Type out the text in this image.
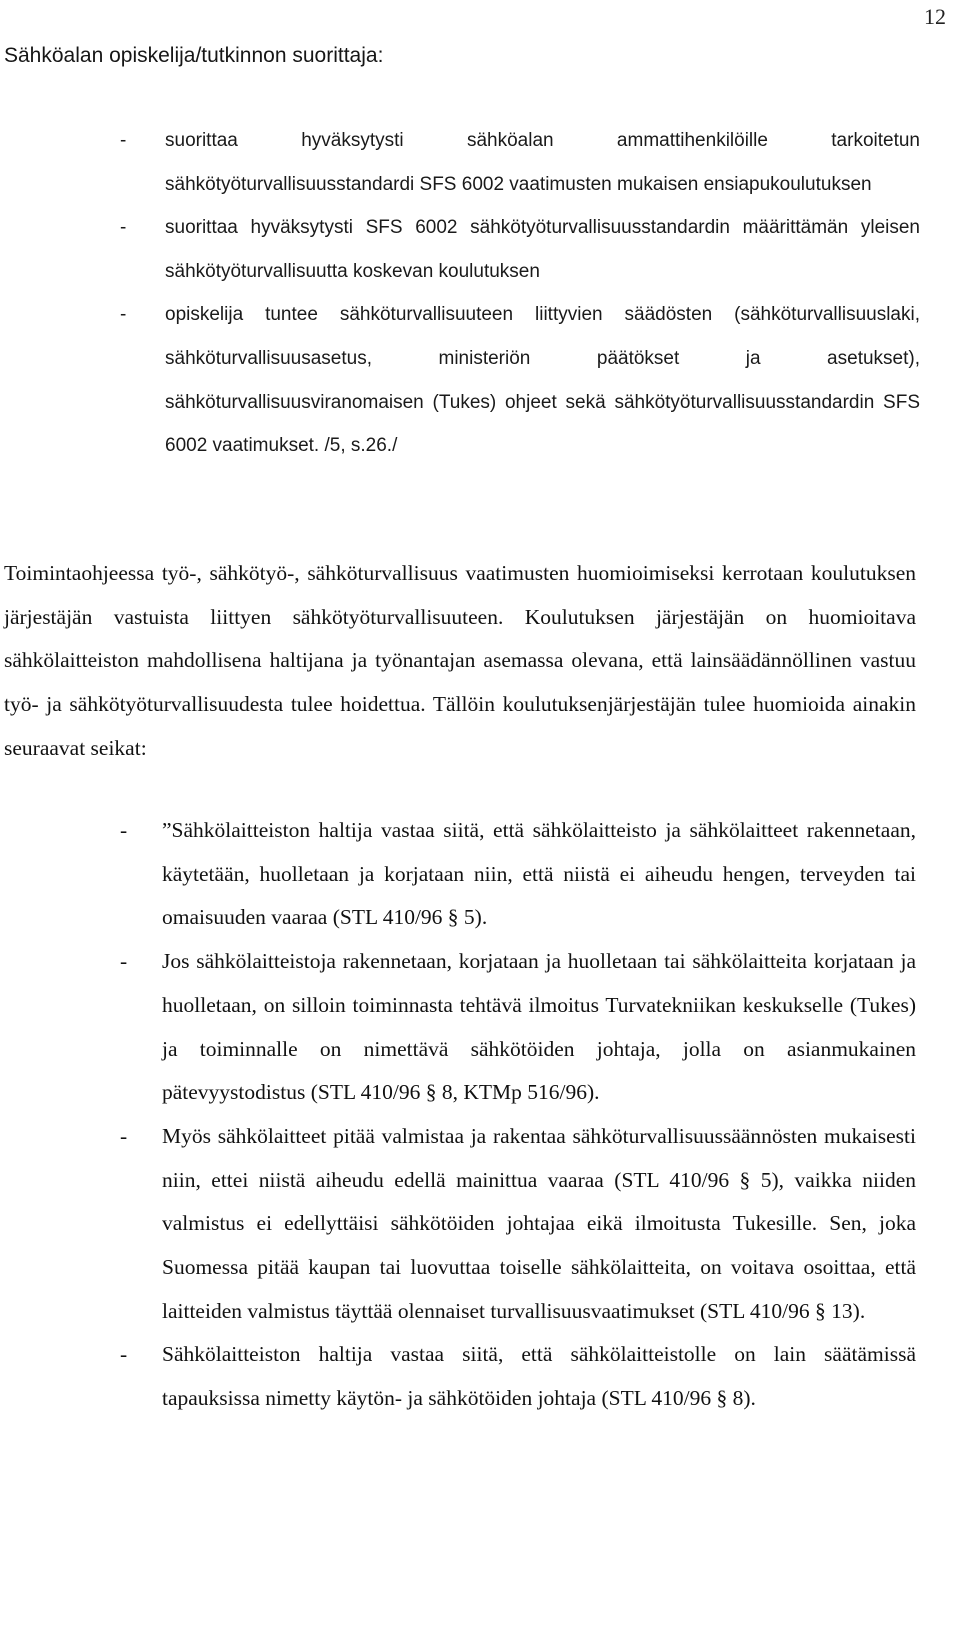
12
Sähköalan opiskelija/tutkinnon suorittaja:
- suorittaa hyväksytysti sähköalan ammattihenkilöille tarkoitetun sähkötyöturvallisuusstandardi SFS 6002 vaatimusten mukaisen ensiapukoulutuksen
- suorittaa hyväksytysti SFS 6002 sähkötyöturvallisuusstandardin määrittämän yleisen sähkötyöturvallisuutta koskevan koulutuksen
- opiskelija tuntee sähköturvallisuuteen liittyvien säädösten (sähköturvallisuuslaki, sähköturvallisuusasetus, ministeriön päätökset ja asetukset), sähköturvallisuusviranomaisen (Tukes) ohjeet sekä sähkötyöturvallisuusstandardin SFS 6002 vaatimukset. /5, s.26./
Toimintaohjeessa työ-, sähkötyö-, sähköturvallisuus vaatimusten huomioimiseksi kerrotaan koulutuksen järjestäjän vastuista liittyen sähkötyöturvallisuuteen. Koulutuksen järjestäjän on huomioitava sähkölaitteiston mahdollisena haltijana ja työnantajan asemassa olevana, että lainsäädännöllinen vastuu työ- ja sähkötyöturvallisuudesta tulee hoidettua. Tällöin koulutuksenjärjestäjän tulee huomioida ainakin seuraavat seikat:
- ”Sähkölaitteiston haltija vastaa siitä, että sähkölaitteisto ja sähkölaitteet rakennetaan, käytetään, huolletaan ja korjataan niin, että niistä ei aiheudu hengen, terveyden tai omaisuuden vaaraa (STL 410/96 § 5).
- Jos sähkölaitteistoja rakennetaan, korjataan ja huolletaan tai sähkölaitteita korjataan ja huolletaan, on silloin toiminnasta tehtävä ilmoitus Turvatekniikan keskukselle (Tukes) ja toiminnalle on nimettävä sähkötöiden johtaja, jolla on asianmukainen pätevyystodistus (STL 410/96 § 8, KTMp 516/96).
- Myös sähkölaitteet pitää valmistaa ja rakentaa sähköturvallisuussäännösten mukaisesti niin, ettei niistä aiheudu edellä mainittua vaaraa (STL 410/96 § 5), vaikka niiden valmistus ei edellyttäisi sähkötöiden johtajaa eikä ilmoitusta Tukesille. Sen, joka Suomessa pitää kaupan tai luovuttaa toiselle sähkölaitteita, on voitava osoittaa, että laitteiden valmistus täyttää olennaiset turvallisuusvaatimukset (STL 410/96 § 13).
- Sähkölaitteiston haltija vastaa siitä, että sähkölaitteistolle on lain säätämissä tapauksissa nimetty käytön- ja sähkötöiden johtaja (STL 410/96 § 8).
